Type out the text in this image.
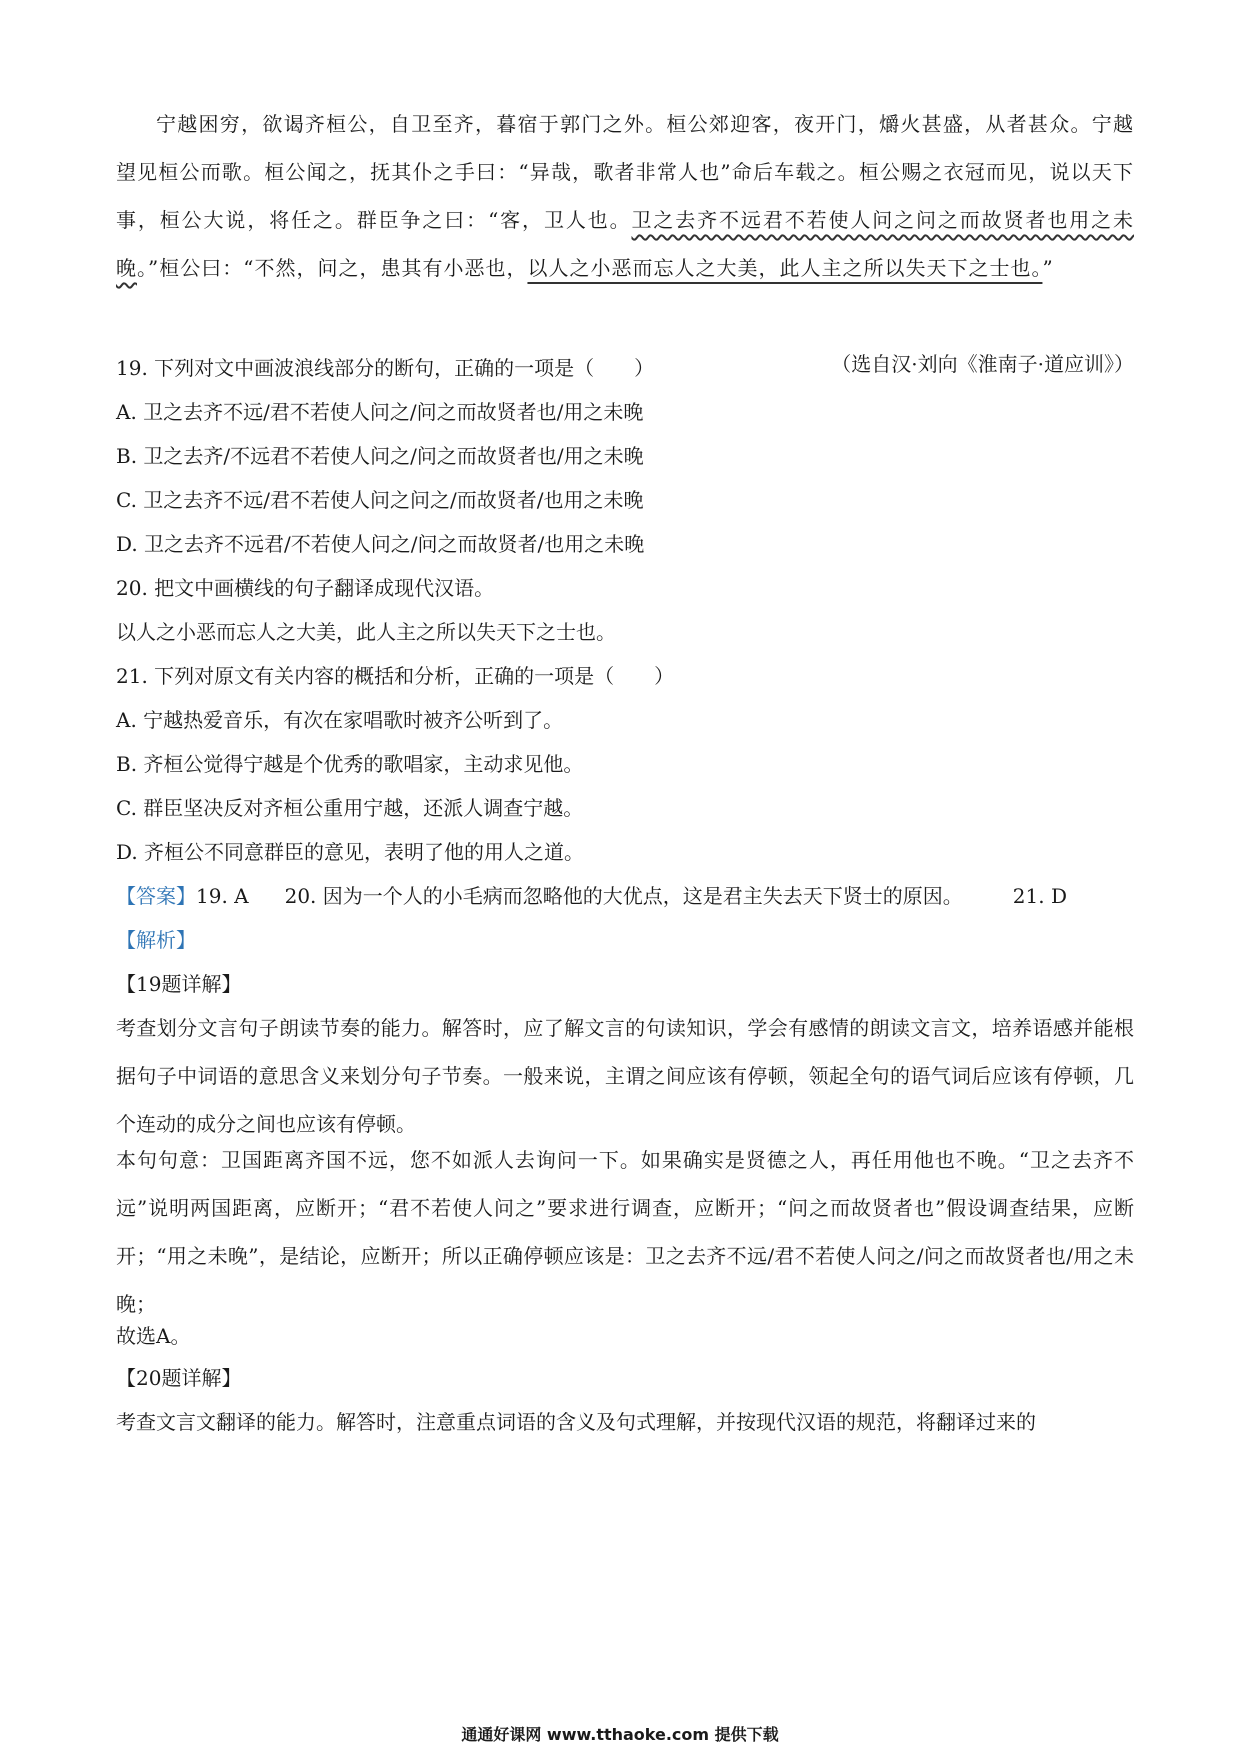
宁越困穷，欲谒齐桓公，自卫至齐，暮宿于郭门之外。桓公郊迎客，夜开门，爝火甚盛，从者甚众。宁越望见桓公而歌。桓公闻之，抚其仆之手曰：“异哉，歌者非常人也”命后车载之。桓公赐之衣冠而见，说以天下事，桓公大说，将任之。群臣争之曰：“客，卫人也。卫之去齐不远君不若使人问之问之而故贤者也用之未晚。”桓公曰：“不然，问之，患其有小恶也，以人之小恶而忘人之大美，此人主之所以失天下之士也。”
（选自汉·刘向《淮南子·道应训》）
19. 下列对文中画波浪线部分的断句，正确的一项是（　　）
A. 卫之去齐不远/君不若使人问之/问之而故贤者也/用之未晚
B. 卫之去齐/不远君不若使人问之/问之而故贤者也/用之未晚
C. 卫之去齐不远/君不若使人问之问之/而故贤者/也用之未晚
D. 卫之去齐不远君/不若使人问之/问之而故贤者/也用之未晚
20. 把文中画横线的句子翻译成现代汉语。
以人之小恶而忘人之大美，此人主之所以失天下之士也。
21. 下列对原文有关内容的概括和分析，正确的一项是（　　）
A. 宁越热爱音乐，有次在家唱歌时被齐公听到了。
B. 齐桓公觉得宁越是个优秀的歌唱家，主动求见他。
C. 群臣坚决反对齐桓公重用宁越，还派人调查宁越。
D. 齐桓公不同意群臣的意见，表明了他的用人之道。
【答案】19. A 20. 因为一个人的小毛病而忽略他的大优点，这是君主失去天下贤士的原因。	21. D
【解析】
【19题详解】
考查划分文言句子朗读节奏的能力。解答时，应了解文言的句读知识，学会有感情的朗读文言文，培养语感并能根据句子中词语的意思含义来划分句子节奏。一般来说，主谓之间应该有停顿，领起全句的语气词后应该有停顿，几个连动的成分之间也应该有停顿。
本句句意：卫国距离齐国不远，您不如派人去询问一下。如果确实是贤德之人，再任用他也不晚。“卫之去齐不远”说明两国距离，应断开；“君不若使人问之”要求进行调查，应断开；“问之而故贤者也”假设调查结果，应断开；“用之未晚”，是结论，应断开；所以正确停顿应该是：卫之去齐不远/君不若使人问之/问之而故贤者也/用之未晚；
故选A。
【20题详解】
考查文言文翻译的能力。解答时，注意重点词语的含义及句式理解，并按现代汉语的规范，将翻译过来的
通通好课网 www.tthaoke.com 提供下载
